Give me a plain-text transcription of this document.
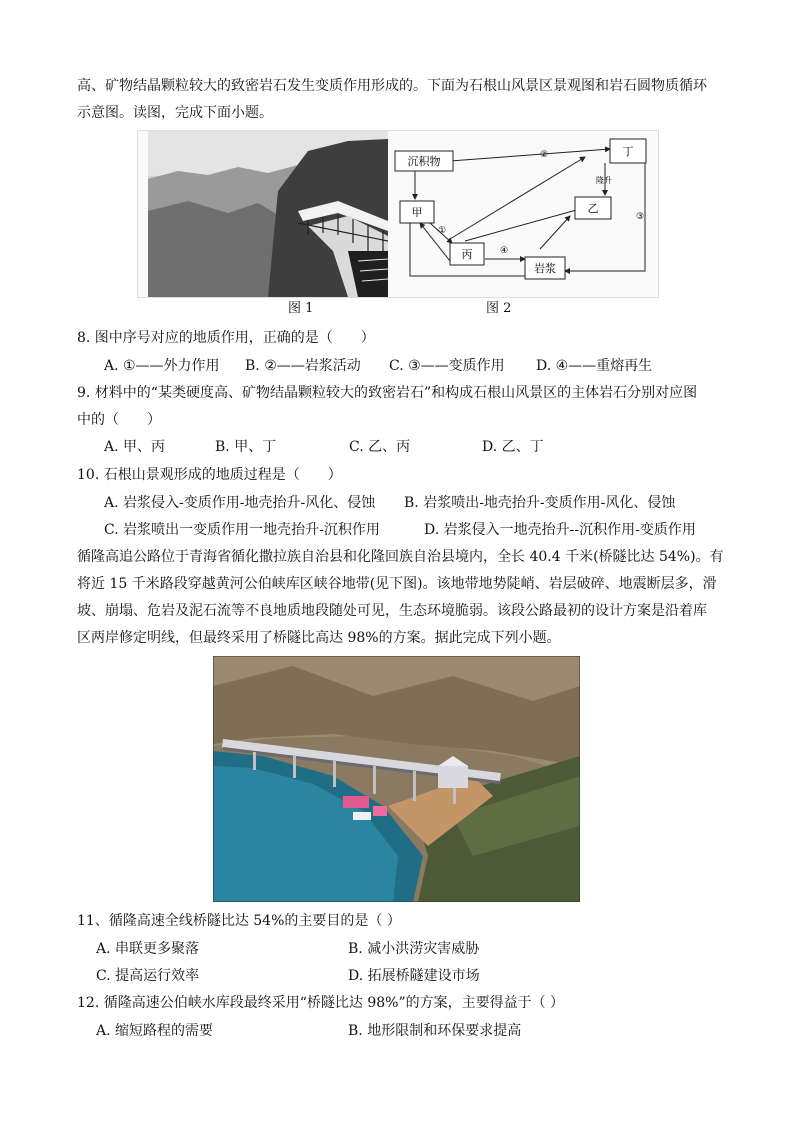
高、矿物结晶颗粒较大的致密岩石发生变质作用形成的。下面为石根山风景区景观图和岩石圆物质循环
示意图。读图，完成下面小题。
沉积物
甲
丙
乙
丁
岩浆
隆升
①
②
③
④
图 1	图 2
8. 图中序号对应的地质作用，正确的是（　　）
A. ①——外力作用 B. ②——岩浆活动 C. ③——变质作用 D. ④——重熔再生
9. 材料中的“某类硬度高、矿物结晶颗粒较大的致密岩石”和构成石根山风景区的主体岩石分别对应图
中的（　　）
A. 甲、丙	B. 甲、丁	C. 乙、丙	D. 乙、丁
10. 石根山景观形成的地质过程是（　　）
A. 岩浆侵入-变质作用-地壳抬升-风化、侵蚀 B. 岩浆喷出-地壳抬升-变质作用-风化、侵蚀
C. 岩浆喷出一变质作用一地壳抬升-沉积作用	D. 岩浆侵入一地壳抬升--沉积作用-变质作用
循隆高追公路位于青海省循化撒拉族自治县和化隆回族自治县境内，全长 40.4 千米(桥隧比达 54%)。有
将近 15 千米路段穿越黄河公伯峡库区峡谷地带(见下图)。该地带地势陡峭、岩层破碎、地震断层多，滑
坡、崩塌、危岩及泥石流等不良地质地段随处可见，生态环境脆弱。该段公路最初的设计方案是沿着库
区两岸修定明线，但最终采用了桥隧比高达 98%的方案。据此完成下列小题。
11、循隆高速全线桥隧比达 54%的主要目的是（ ）
A. 串联更多聚落	B. 减小洪涝灾害威胁
C. 提高运行效率	D. 拓展桥隧建设市场
12. 循隆高速公伯峡水库段最终采用“桥隧比达 98%”的方案，主要得益于（ ）
A. 缩短路程的需要	B. 地形限制和环保要求提高
